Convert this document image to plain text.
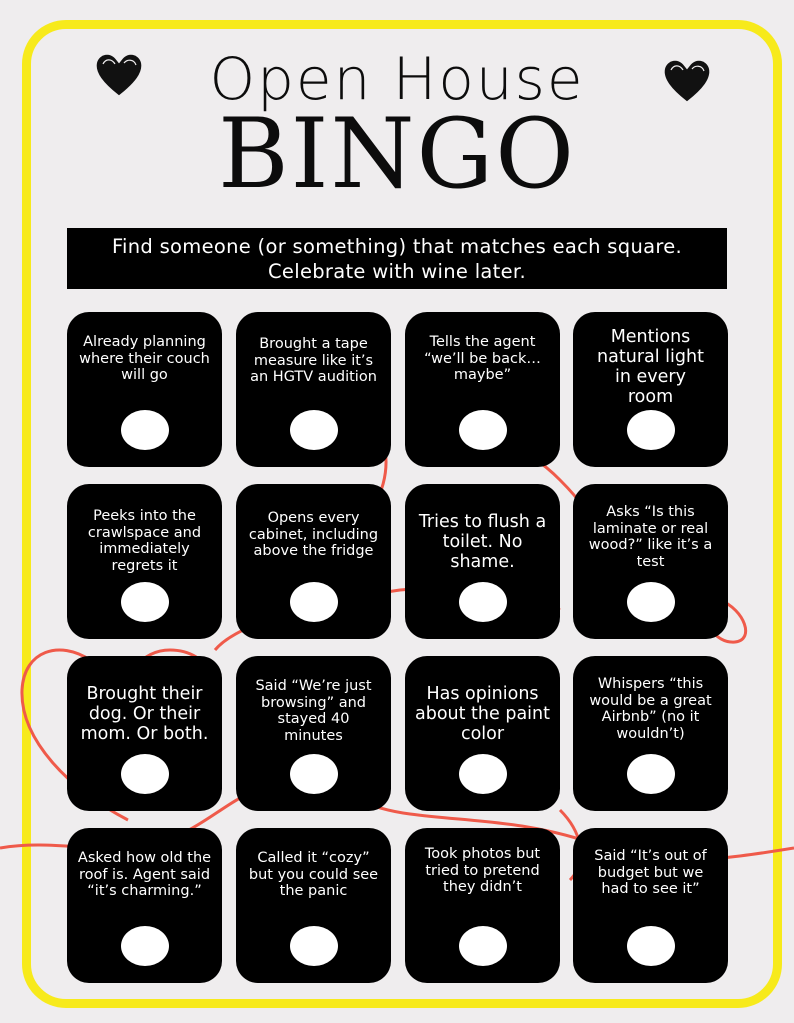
Open House
BINGO
Find someone (or something) that matches each square.
Celebrate with wine later.
Already planning where their couch will go
Brought a tape measure like it’s an HGTV audition
Tells the agent “we’ll be back… maybe”
Mentions natural light in every room
Peeks into the crawlspace and immediately regrets it
Opens every cabinet, including above the fridge
Tries to flush a toilet. No shame.
Asks “Is this laminate or real wood?” like it’s a test
Brought their dog. Or their mom. Or both.
Said “We’re just browsing” and stayed 40 minutes
Has opinions about the paint color
Whispers “this would be a great Airbnb” (no it wouldn’t)
Asked how old the roof is. Agent said “it’s charming.”
Called it “cozy” but you could see the panic
Took photos but tried to pretend they didn’t
Said “It’s out of budget but we had to see it”
